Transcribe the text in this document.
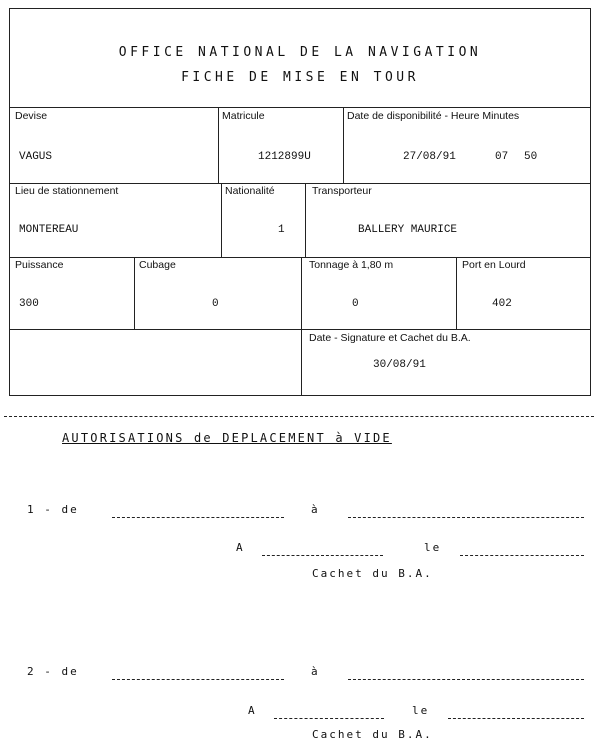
OFFICE NATIONAL DE LA NAVIGATION
FICHE DE MISE EN TOUR
Devise
VAGUS
Matricule
1212899U
Date de disponibilité - Heure Minutes
27/08/91	07 50
Lieu de stationnement
MONTEREAU
Nationalité
1
Transporteur
BALLERY MAURICE
Puissance
300
Cubage
0
Tonnage à 1,80 m
0
Port en Lourd
402
Date - Signature et Cachet du B.A.
30/08/91
AUTORISATIONS de DEPLACEMENT à VIDE
1 - de	à
A	le
Cachet du B.A.
2 - de	à
A	le
Cachet du B.A.
